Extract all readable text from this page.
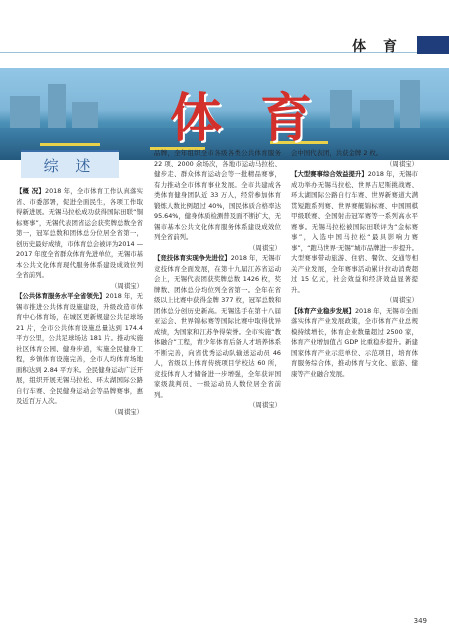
体 育
体 育
综 述

【概 况】2018 年，全市体育工作认真落实省、市委部署，促进全面民生，各项工作取得新进展。无锡马拉松成功获得国际田联“铜标赛事”，无锡代表团省运会获奖牌总数全省第一，冠军总数和团体总分位居全省第一，创历史最好成绩，市体育总会被评为2014 — 2017 年度全省群众体育先进单位，无锡市基本公共文化体育现代服务体系建设成效位列全省前列。
（周祺宝）

【公共体育服务水平全省领先】2018 年，无锡市推进公共体育设施建设，升级改造市体育中心体育场，在城区更新规建公共足球场 21 片，全市公共体育设施总量达到 174.4 平方公里，公共足球场达 181 片。推动实施社区体育公园、健身步道，实施全民健身工程，乡镇体育设施完善，全市人均体育场地面积达到 2.84 平方米。全民健身运动广泛开展，组织开展无锡马拉松、环太湖国际公路自行车赛、全民健身运动会等品牌赛事，惠及近百万人次。
（周祺宝）

品牌，全年组织全市各级各类公共体育服务 22 项、2000 余场次，各地市运动马拉松、健步走、群众体育运动会等一批精品赛事，有力推动全市体育事业发展。全市共建成各类体育健身团队近 33 万人，经常参加体育锻炼人数比例超过 40%，国民体质合格率达 95.64%，健身体质检测普及面不断扩大，无锡市基本公共文化体育服务体系建设成效位列全省前列。
（周祺宝）

【竞技体育实现争先进位】2018 年，无锡市竞技体育全面发展，在第十九届江苏省运动会上，无锡代表团获奖牌总数 1426 枚，奖牌数、团体总分均位列全省第一。全年在省级以上比赛中获得金牌 377 枚，冠军总数和团体总分创历史新高。无锡选手在第十八届亚运会、世界锦标赛等国际比赛中取得优异成绩，为国家和江苏争得荣誉。全市实施“教体融合”工程，青少年体育后备人才培养体系不断完善，向省优秀运动队输送运动员 46 人，省级以上体育传统项目学校达 60 所，竞技体育人才储备进一步增强，全年获评国家级裁判员、一级运动员人数位居全省前列。
（周祺宝）

会中国代表团，共获金牌 2 枚。
（周祺宝）

【大型赛事综合效益提升】2018 年，无锡市成功举办无锡马拉松、世界吉尼斯挑战赛、环太湖国际公路自行车赛、世界新赛道大满贯短跑系列赛、世界赛艇锦标赛、中国围棋甲级联赛、全国射击冠军赛等一系列高水平赛事。无锡马拉松被国际田联评为“金标赛事”，入选中国马拉松“最具影响力赛事”，“跑马世界·无锡”城市品牌进一步提升。大型赛事带动旅游、住宿、餐饮、交通等相关产业发展，全年赛事活动累计拉动消费超过 15 亿元，社会效益和经济效益显著提升。
（周祺宝）

【体育产业稳步发展】2018 年，无锡市全面落实体育产业发展政策，全市体育产业总规模持续增长，体育企业数量超过 2500 家，体育产业增加值占 GDP 比重稳步提升。新建国家体育产业示范单位、示范项目，培育体育服务综合体，推动体育与文化、旅游、健康等产业融合发展。

349
